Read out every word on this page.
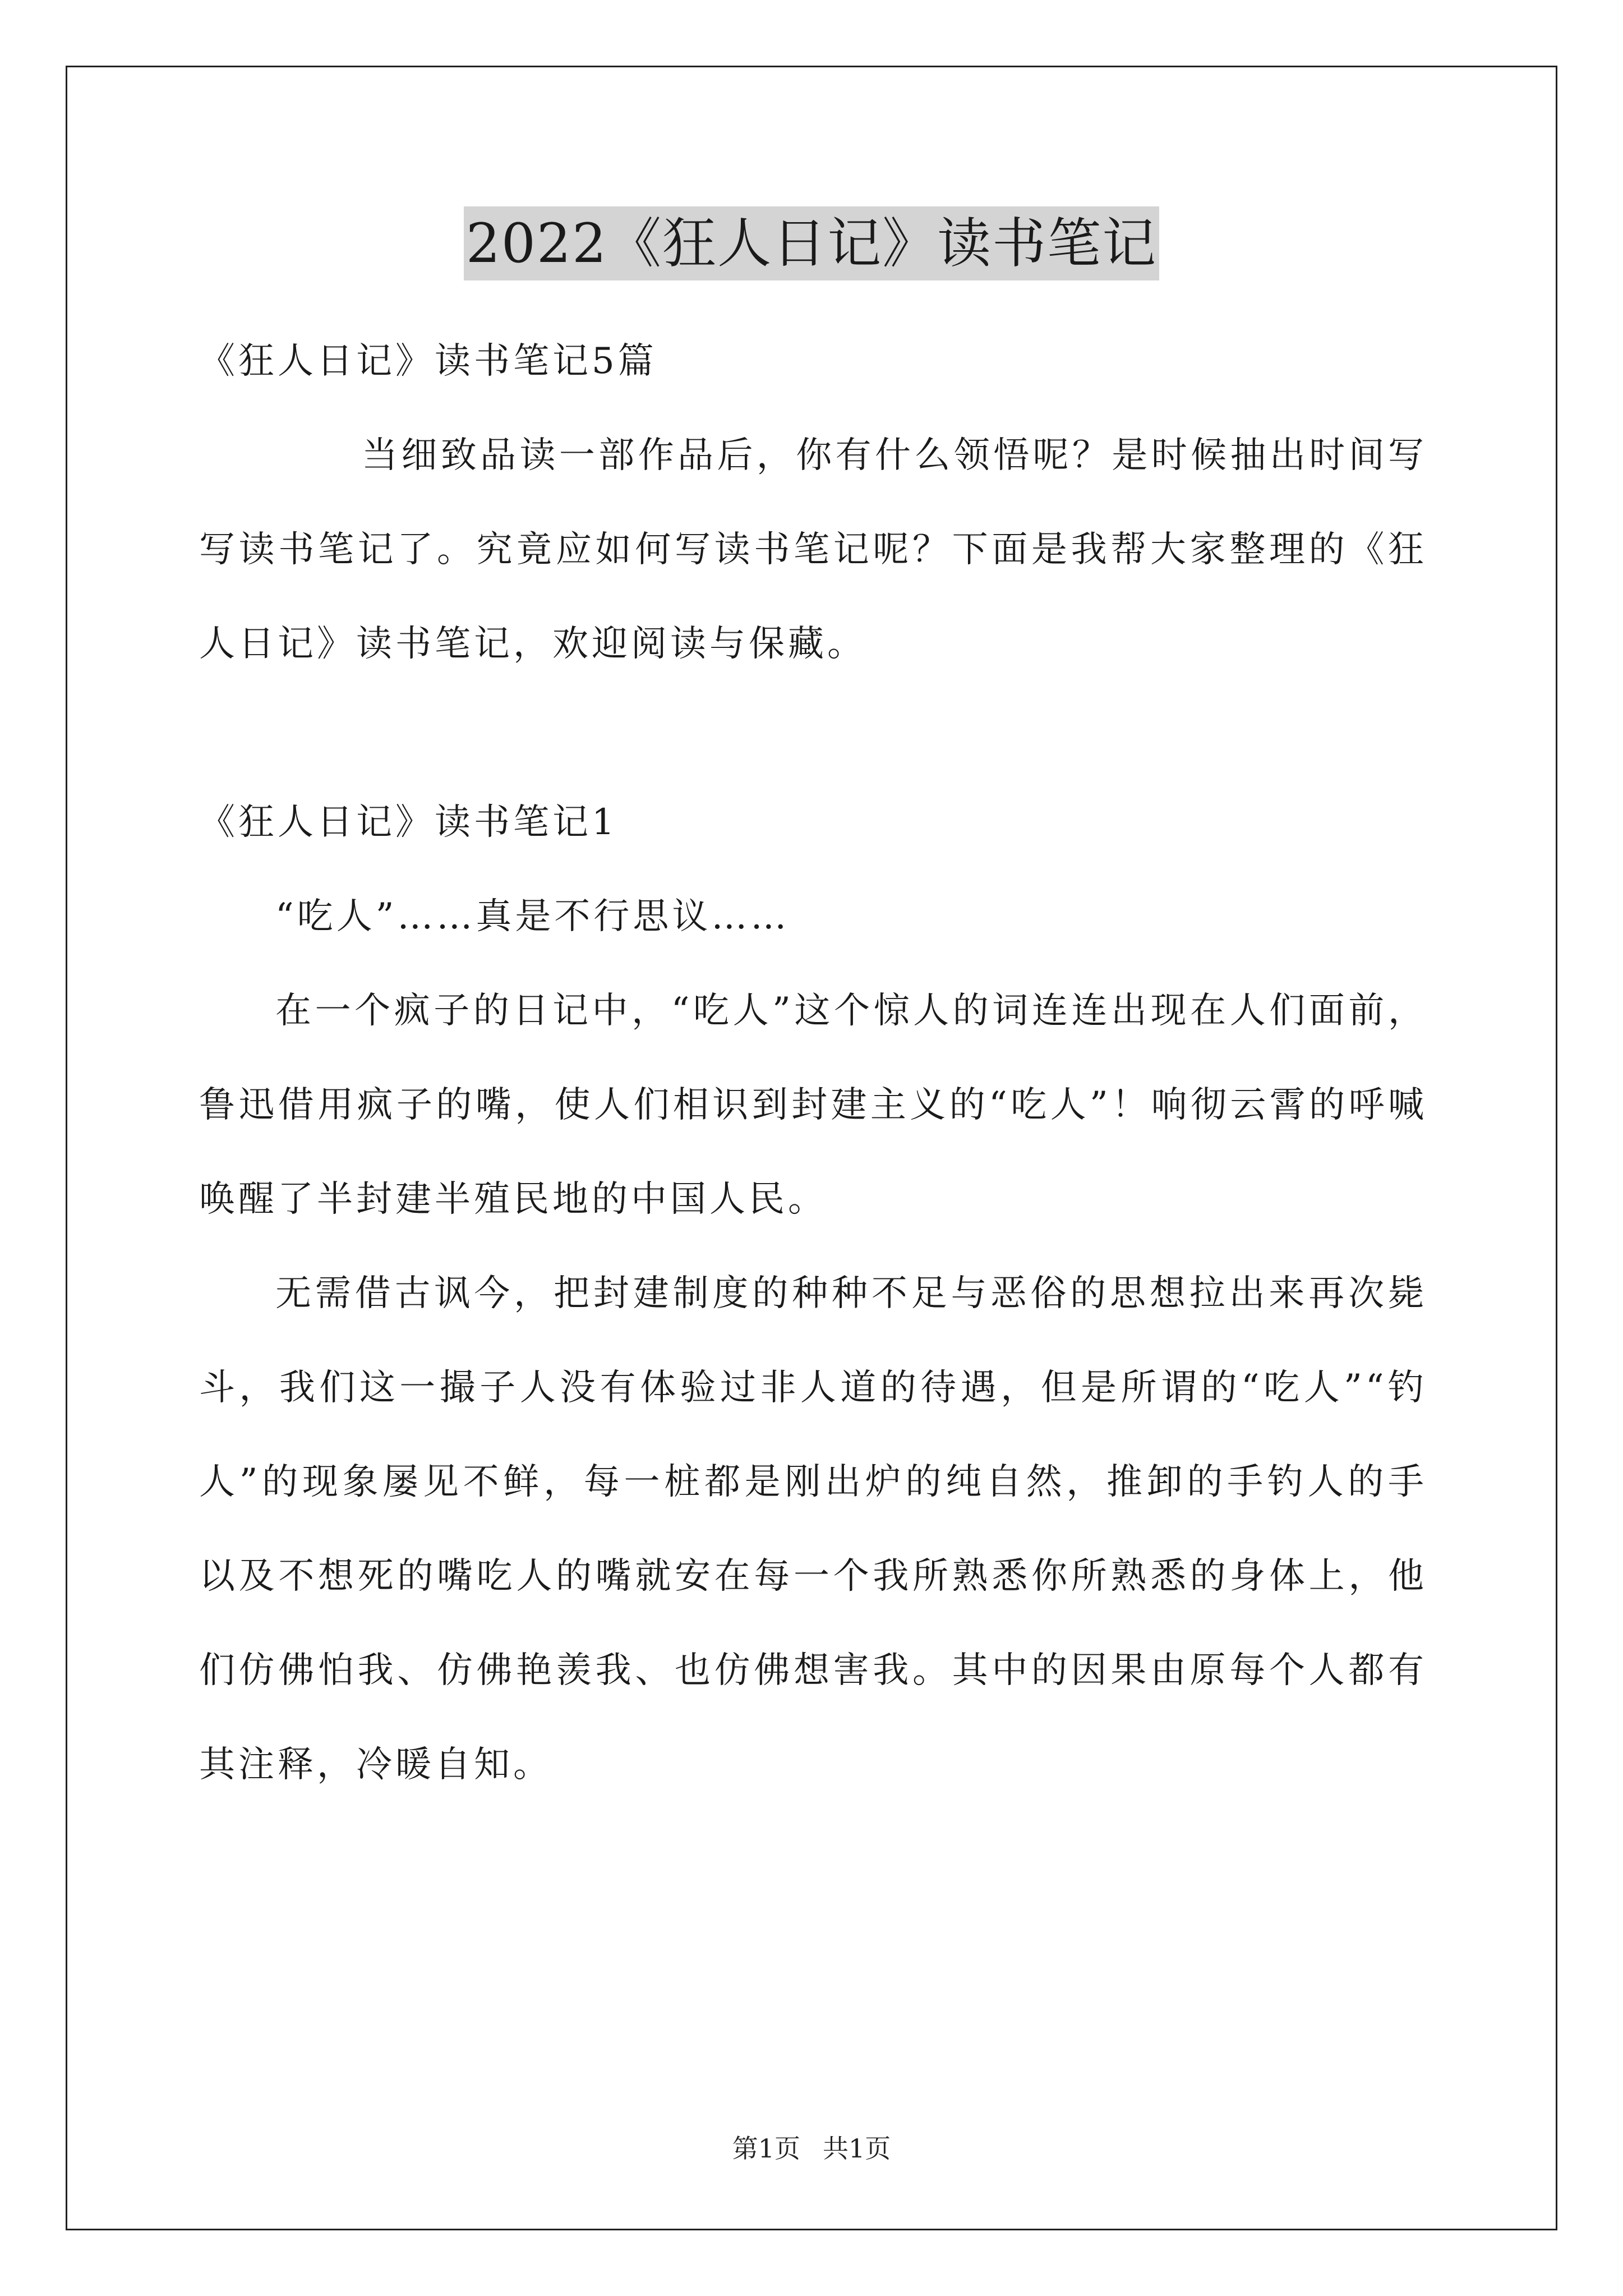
2022《狂人日记》读书笔记

《狂人日记》读书笔记5篇

当细致品读一部作品后，你有什么领悟呢？是时候抽出时间写写读书笔记了。究竟应如何写读书笔记呢？下面是我帮大家整理的《狂人日记》读书笔记，欢迎阅读与保藏。

《狂人日记》读书笔记1

“吃人”……真是不行思议……

在一个疯子的日记中，“吃人”这个惊人的词连连出现在人们面前，鲁迅借用疯子的嘴，使人们相识到封建主义的“吃人”！响彻云霄的呼喊唤醒了半封建半殖民地的中国人民。

无需借古讽今，把封建制度的种种不足与恶俗的思想拉出来再次毙斗，我们这一撮子人没有体验过非人道的待遇，但是所谓的“吃人”“钓人”的现象屡见不鲜，每一桩都是刚出炉的纯自然，推卸的手钓人的手以及不想死的嘴吃人的嘴就安在每一个我所熟悉你所熟悉的身体上，他们仿佛怕我、仿佛艳羡我、也仿佛想害我。其中的因果由原每个人都有其注释，冷暖自知。

第1页 共1页
